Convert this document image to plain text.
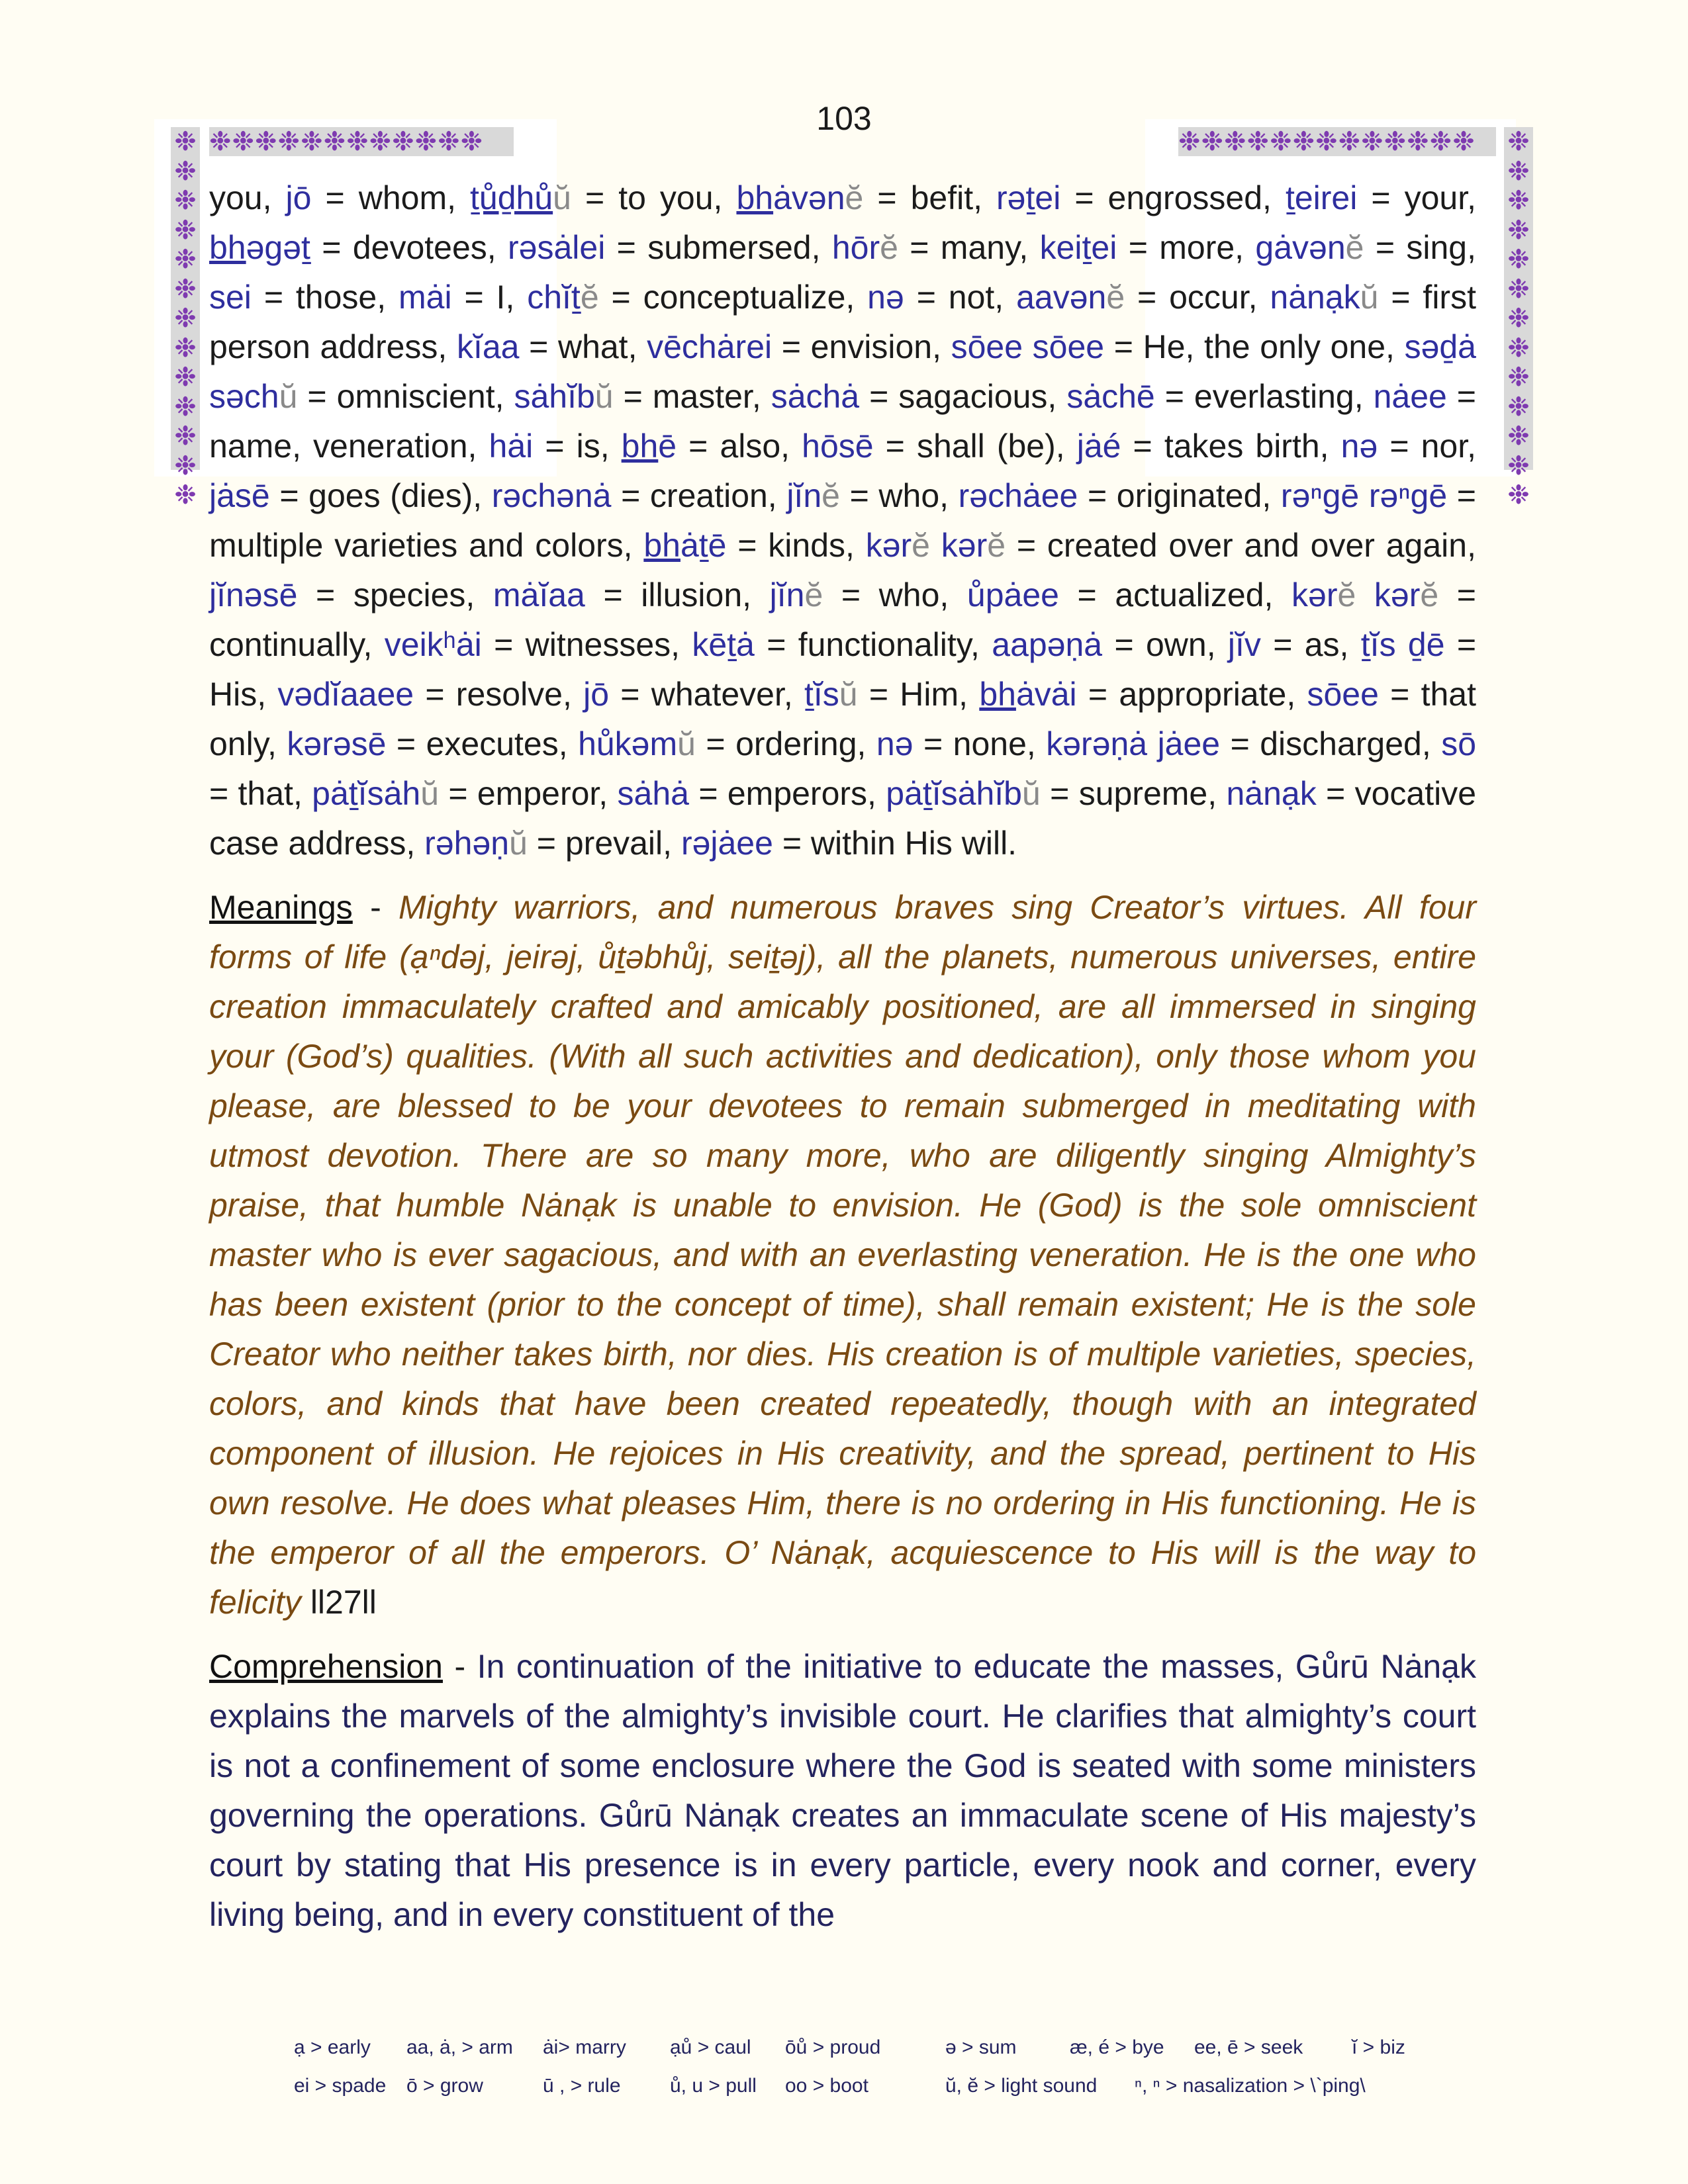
103
❉❉❉❉❉❉❉❉❉❉❉❉	❉❉❉❉❉❉❉❉❉❉❉❉❉
❉
❉
❉
❉
❉
❉
❉
❉
❉
❉
❉
❉
❉
❉
❉
❉
❉
❉
❉
❉
❉
❉
❉
❉
❉
❉

you, jō = whom, ṯůḏhůŭ = to you, bhȧvənĕ = befit, rəṯei = engrossed, ṯeirei = your, bhəgəṯ = devotees, rəsȧlei = submersed, hōrĕ = many, keiṯei = more, gȧvənĕ = sing, sei = those, mȧi = I, chĭṯĕ = conceptualize, nə = not, aavənĕ = occur, nȧnạkŭ = first person address, kĭaa = what, vēchȧrei = envision, sōee sōee = He, the only one, səḏȧ səchŭ = omniscient, sȧhĭbŭ = master, sȧchȧ = sagacious, sȧchē = everlasting, nȧee = name, veneration, hȧi = is, bhē = also, hōsē = shall (be), jȧé = takes birth, nə = nor, jȧsē = goes (dies), rəchənȧ = creation, jĭnĕ = who, rəchȧee = originated, rəⁿgē rəⁿgē = multiple varieties and colors, bhȧṯē = kinds, kərĕ kərĕ = created over and over again, jĭnəsē = species, mȧĭaa = illusion, jĭnĕ = who, ůpȧee = actualized, kərĕ kərĕ = continually, veikʰȧi = witnesses, kēṯȧ = functionality, aapəṇȧ = own, jĭv = as, ṯĭs ḏē = His, vədĭaaee = resolve, jō = whatever, ṯĭsŭ = Him, bhȧvȧi = appropriate, sōee = that only, kərəsē = executes, hůkəmŭ = ordering, nə = none, kərəṇȧ jȧee = discharged, sō = that, pȧṯĭsȧhŭ = emperor, sȧhȧ = emperors, pȧṯĭsȧhĭbŭ = supreme, nȧnạk = vocative case address, rəhəṇŭ = prevail, rəjȧee = within His will.

Meanings - Mighty warriors, and numerous braves sing Creator’s virtues. All four forms of life (ạⁿdəj, jeirəj, ůṯəbhůj, seiṯəj), all the planets, numerous universes, entire creation immaculately crafted and amicably positioned, are all immersed in singing your (God’s) qualities. (With all such activities and dedication), only those whom you please, are blessed to be your devotees to remain submerged in meditating with utmost devotion. There are so many more, who are diligently singing Almighty’s praise, that humble Nȧnạk is unable to envision. He (God) is the sole omniscient master who is ever sagacious, and with an everlasting veneration. He is the one who has been existent (prior to the concept of time), shall remain existent; He is the sole Creator who neither takes birth, nor dies. His creation is of multiple varieties, species, colors, and kinds that have been created repeatedly, though with an integrated component of illusion. He rejoices in His creativity, and the spread, pertinent to His own resolve. He does what pleases Him, there is no ordering in His functioning. He is the emperor of all the emperors. O’ Nȧnạk, acquiescence to His will is the way to felicity ll27ll

Comprehension - In continuation of the initiative to educate the masses, Gůrū Nȧnạk explains the marvels of the almighty’s invisible court. He clarifies that almighty’s court is not a confinement of some enclosure where the God is seated with some ministers governing the operations. Gůrū Nȧnạk creates an immaculate scene of His majesty’s court by stating that His presence is in every particle, every nook and corner, every living being, and in every constituent of the

ạ > early	aa, ȧ, > arm	ȧi> marry	ạů > caul	ōů > proud	ə > sum	æ, é > bye	ee, ē > seek	ĭ > biz
ei > spade	ō > grow	ū , > rule	ů, u > pull	oo > boot	ŭ, ĕ > light sound	ⁿ, ⁿ > nasalization > \`ping\
